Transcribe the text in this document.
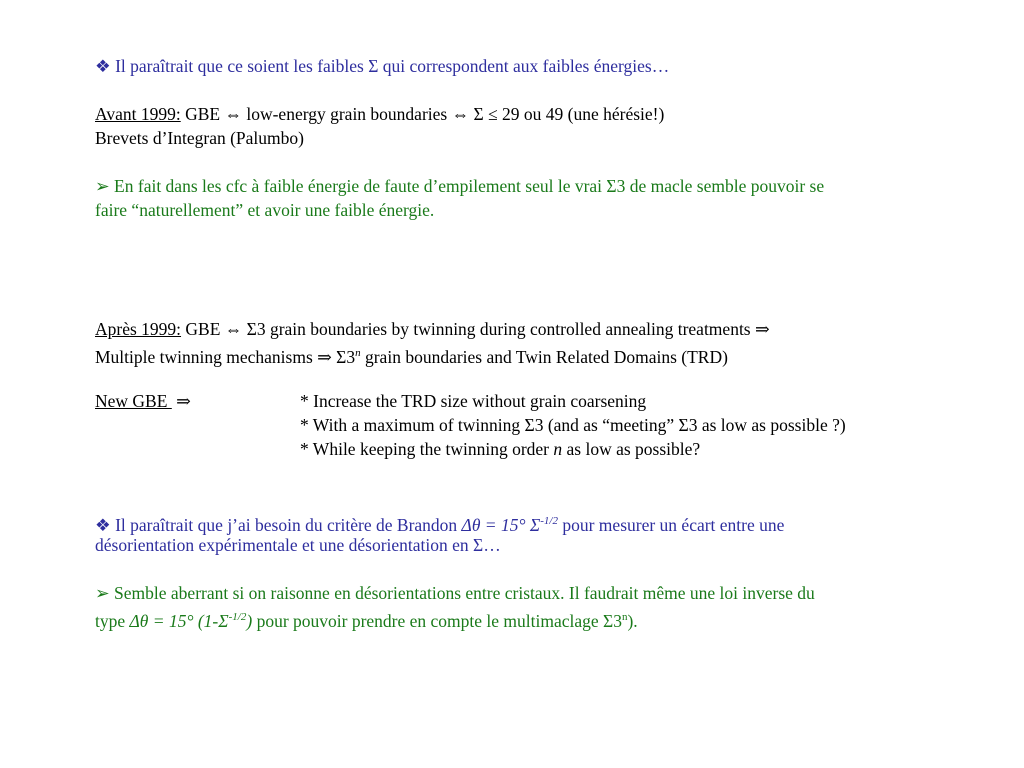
❖ Il paraîtrait que ce soient les faibles Σ qui correspondent aux faibles énergies…
Avant 1999: GBE ⇔ low-energy grain boundaries ⇔ Σ ≤ 29 ou 49 (une hérésie!)
Brevets d’Integran (Palumbo)
➢ En fait dans les cfc à faible énergie de faute d’empilement seul le vrai Σ3 de macle semble pouvoir se
faire “naturellement” et avoir une faible énergie.
Après 1999: GBE ⇔ Σ3 grain boundaries by twinning during controlled annealing treatments ⇒
Multiple twinning mechanisms ⇒ Σ3$^n$ grain boundaries and Twin Related Domains (TRD)
New GBE  ⇒	* Increase the TRD size without grain coarsening
* With a maximum of twinning Σ3 (and as “meeting” Σ3 as low as possible ?)
* While keeping the twinning order n as low as possible?
❖ Il paraîtrait que j’ai besoin du critère de Brandon Δθ = 15° $\Sigma^{-1/2}$ pour mesurer un écart entre une
désorientation expérimentale et une désorientation en Σ…
➢ Semble aberrant si on raisonne en désorientations entre cristaux. Il faudrait même une loi inverse du
type Δθ = 15° $(1-\Sigma^{-1/2})$ pour pouvoir prendre en compte le multimaclage Σ3$^n$).
